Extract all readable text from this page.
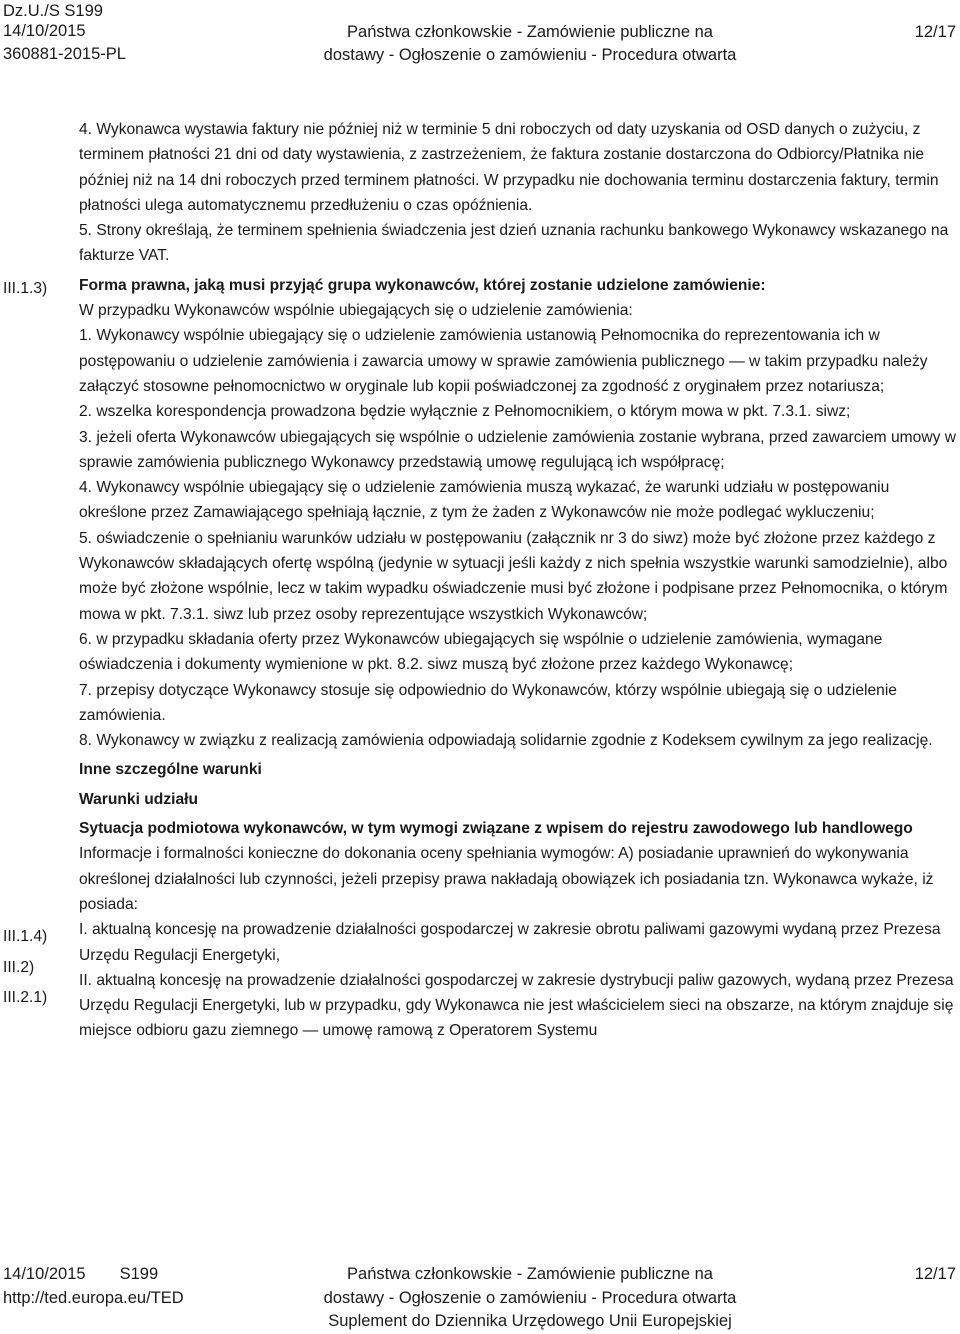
Dz.U./S S199
14/10/2015
360881-2015-PL
Państwa członkowskie - Zamówienie publiczne na
dostawy - Ogłoszenie o zamówieniu - Procedura otwarta
12/17
III.1.3)
III.1.4)
III.2)
III.2.1)

4. Wykonawca wystawia faktury nie później niż w terminie 5 dni roboczych od daty uzyskania od OSD danych o zużyciu, z terminem płatności 21 dni od daty wystawienia, z zastrzeżeniem, że faktura zostanie dostarczona do Odbiorcy/Płatnika nie później niż na 14 dni roboczych przed terminem płatności. W przypadku nie dochowania terminu dostarczenia faktury, termin płatności ulega automatycznemu przedłużeniu o czas opóźnienia.

5. Strony określają, że terminem spełnienia świadczenia jest dzień uznania rachunku bankowego Wykonawcy wskazanego na fakturze VAT.

Forma prawna, jaką musi przyjąć grupa wykonawców, której zostanie udzielone zamówienie:

W przypadku Wykonawców wspólnie ubiegających się o udzielenie zamówienia:

1. Wykonawcy wspólnie ubiegający się o udzielenie zamówienia ustanowią Pełnomocnika do reprezentowania ich w postępowaniu o udzielenie zamówienia i zawarcia umowy w sprawie zamówienia publicznego — w takim przypadku należy załączyć stosowne pełnomocnictwo w oryginale lub kopii poświadczonej za zgodność z oryginałem przez notariusza;

2. wszelka korespondencja prowadzona będzie wyłącznie z Pełnomocnikiem, o którym mowa w pkt. 7.3.1. siwz;

3. jeżeli oferta Wykonawców ubiegających się wspólnie o udzielenie zamówienia zostanie wybrana, przed zawarciem umowy w sprawie zamówienia publicznego Wykonawcy przedstawią umowę regulującą ich współpracę;

4. Wykonawcy wspólnie ubiegający się o udzielenie zamówienia muszą wykazać, że warunki udziału w postępowaniu określone przez Zamawiającego spełniają łącznie, z tym że żaden z Wykonawców nie może podlegać wykluczeniu;

5. oświadczenie o spełnianiu warunków udziału w postępowaniu (załącznik nr 3 do siwz) może być złożone przez każdego z Wykonawców składających ofertę wspólną (jedynie w sytuacji jeśli każdy z nich spełnia wszystkie warunki samodzielnie), albo może być złożone wspólnie, lecz w takim wypadku oświadczenie musi być złożone i podpisane przez Pełnomocnika, o którym mowa w pkt. 7.3.1. siwz lub przez osoby reprezentujące wszystkich Wykonawców;

6. w przypadku składania oferty przez Wykonawców ubiegających się wspólnie o udzielenie zamówienia, wymagane oświadczenia i dokumenty wymienione w pkt. 8.2. siwz muszą być złożone przez każdego Wykonawcę;

7. przepisy dotyczące Wykonawcy stosuje się odpowiednio do Wykonawców, którzy wspólnie ubiegają się o udzielenie zamówienia.

8. Wykonawcy w związku z realizacją zamówienia odpowiadają solidarnie zgodnie z Kodeksem cywilnym za jego realizację.

Inne szczególne warunki

Warunki udziału

Sytuacja podmiotowa wykonawców, w tym wymogi związane z wpisem do rejestru zawodowego lub handlowego

Informacje i formalności konieczne do dokonania oceny spełniania wymogów: A) posiadanie uprawnień do wykonywania określonej działalności lub czynności, jeżeli przepisy prawa nakładają obowiązek ich posiadania tzn. Wykonawca wykaże, iż posiada:

I. aktualną koncesję na prowadzenie działalności gospodarczej w zakresie obrotu paliwami gazowymi wydaną przez Prezesa Urzędu Regulacji Energetyki,

II. aktualną koncesję na prowadzenie działalności gospodarczej w zakresie dystrybucji paliw gazowych, wydaną przez Prezesa Urzędu Regulacji Energetyki, lub w przypadku, gdy Wykonawca nie jest właścicielem sieci na obszarze, na którym znajduje się miejsce odbioru gazu ziemnego — umowę ramową z Operatorem Systemu

14/10/2015 S199
http://ted.europa.eu/TED
Państwa członkowskie - Zamówienie publiczne na
dostawy - Ogłoszenie o zamówieniu - Procedura otwarta
Suplement do Dziennika Urzędowego Unii Europejskiej
12/17
